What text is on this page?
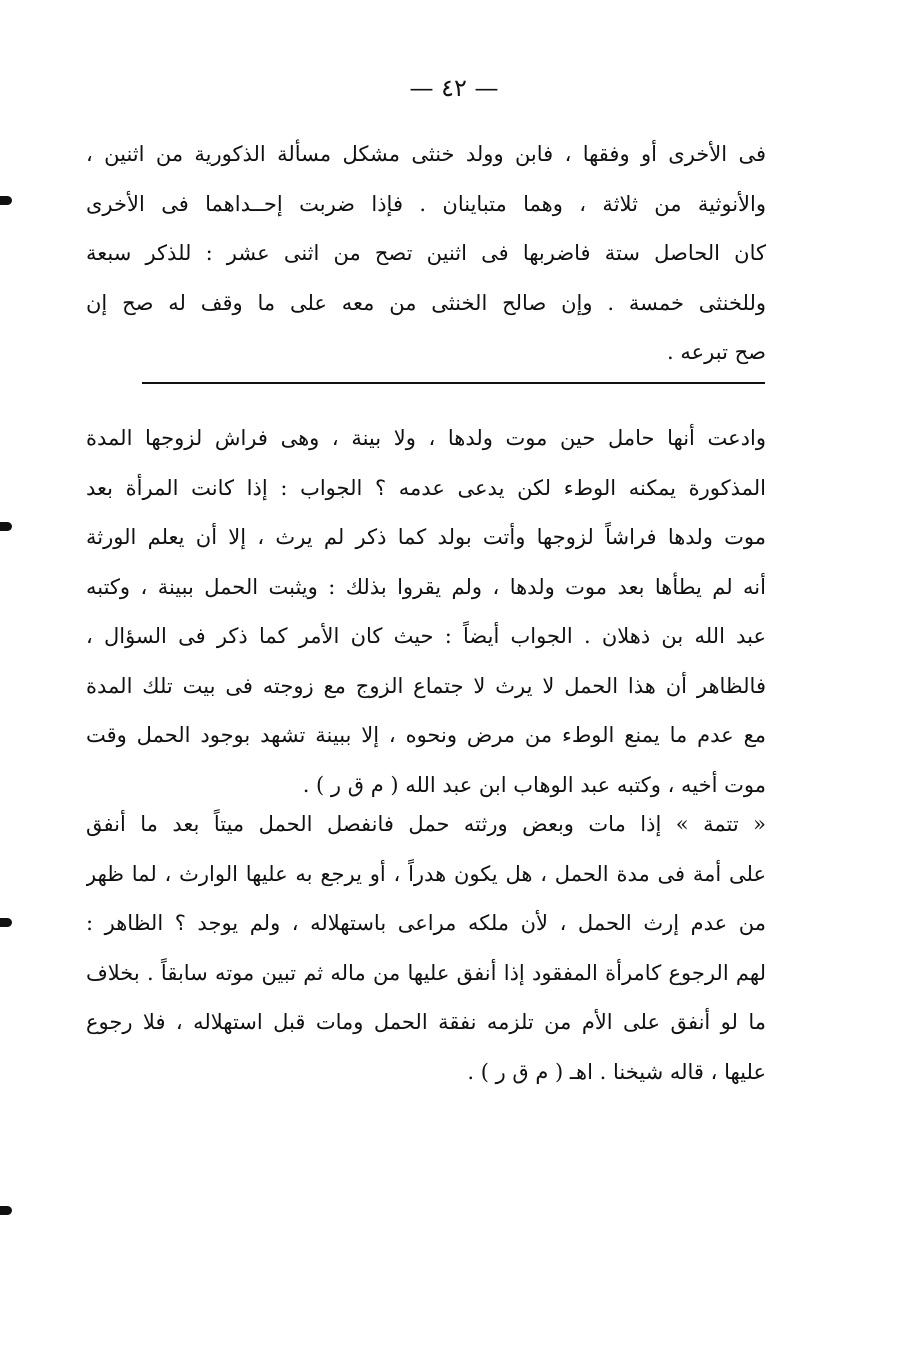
— ٤٢ —
فى الأخرى أو وفقها ، فابن وولد خنثى مشكل مسألة الذكورية من اثنين ،
والأنوثية من ثلاثة ، وهما متباينان . فإذا ضربت إحــداهما فى الأخرى
كان الحاصل ستة فاضربها فى اثنين تصح من اثنى عشر : للذكر سبعة
وللخنثى خمسة . وإن صالح الخنثى من معه على ما وقف له صح إن
صح تبرعه .
وادعت أنها حامل حين موت ولدها ، ولا بينة ، وهى فراش لزوجها المدة
المذكورة يمكنه الوطء لكن يدعى عدمه ؟ الجواب : إذا كانت المرأة بعد
موت ولدها فراشاً لزوجها وأتت بولد كما ذكر لم يرث ، إلا أن يعلم الورثة
أنه لم يطأها بعد موت ولدها ، ولم يقروا بذلك : ويثبت الحمل ببينة ، وكتبه
عبد الله بن ذهلان . الجواب أيضاً : حيث كان الأمر كما ذكر فى السؤال ،
فالظاهر أن هذا الحمل لا يرث لا جتماع الزوج مع زوجته فى بيت تلك المدة
مع عدم ما يمنع الوطء من مرض ونحوه ، إلا ببينة تشهد بوجود الحمل وقت
موت أخيه ، وكتبه عبد الوهاب ابن عبد الله ( م ق ر ) .
« تتمة » إذا مات وبعض ورثته حمل فانفصل الحمل ميتاً بعد ما أنفق
على أمة فى مدة الحمل ، هل يكون هدراً ، أو يرجع به عليها الوارث ، لما ظهر
من عدم إرث الحمل ، لأن ملكه مراعى باستهلاله ، ولم يوجد ؟ الظاهر :
لهم الرجوع كامرأة المفقود إذا أنفق عليها من ماله ثم تبين موته سابقاً . بخلاف
ما لو أنفق على الأم من تلزمه نفقة الحمل ومات قبل استهلاله ، فلا رجوع
عليها ، قاله شيخنا . اهـ ( م ق ر ) .
